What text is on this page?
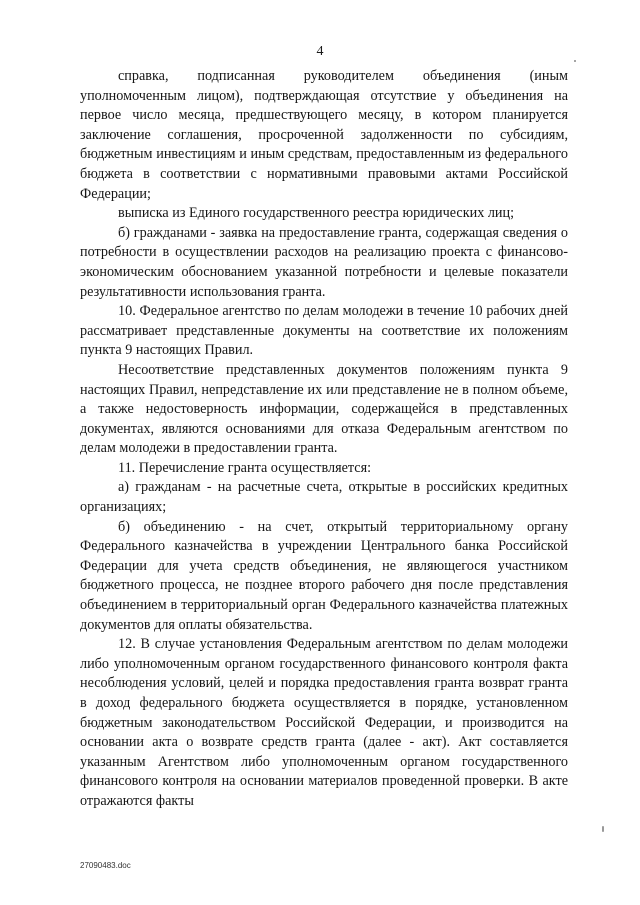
4

справка, подписанная руководителем объединения (иным уполномоченным лицом), подтверждающая отсутствие у объединения на первое число месяца, предшествующего месяцу, в котором планируется заключение соглашения, просроченной задолженности по субсидиям, бюджетным инвестициям и иным средствам, предоставленным из федерального бюджета в соответствии с нормативными правовыми актами Российской Федерации;

выписка из Единого государственного реестра юридических лиц;

б) гражданами - заявка на предоставление гранта, содержащая сведения о потребности в осуществлении расходов на реализацию проекта с финансово-экономическим обоснованием указанной потребности и целевые показатели результативности использования гранта.

10. Федеральное агентство по делам молодежи в течение 10 рабочих дней рассматривает представленные документы на соответствие их положениям пункта 9 настоящих Правил.

Несоответствие представленных документов положениям пункта 9 настоящих Правил, непредставление их или представление не в полном объеме, а также недостоверность информации, содержащейся в представленных документах, являются основаниями для отказа Федеральным агентством по делам молодежи в предоставлении гранта.

11. Перечисление гранта осуществляется:

а) гражданам - на расчетные счета, открытые в российских кредитных организациях;

б) объединению - на счет, открытый территориальному органу Федерального казначейства в учреждении Центрального банка Российской Федерации для учета средств объединения, не являющегося участником бюджетного процесса, не позднее второго рабочего дня после представления объединением в территориальный орган Федерального казначейства платежных документов для оплаты обязательства.

12. В случае установления Федеральным агентством по делам молодежи либо уполномоченным органом государственного финансового контроля факта несоблюдения условий, целей и порядка предоставления гранта возврат гранта в доход федерального бюджета осуществляется в порядке, установленном бюджетным законодательством Российской Федерации, и производится на основании акта о возврате средств гранта (далее - акт). Акт составляется указанным Агентством либо уполномоченным органом государственного финансового контроля на основании материалов проведенной проверки. В акте отражаются факты

27090483.doc
